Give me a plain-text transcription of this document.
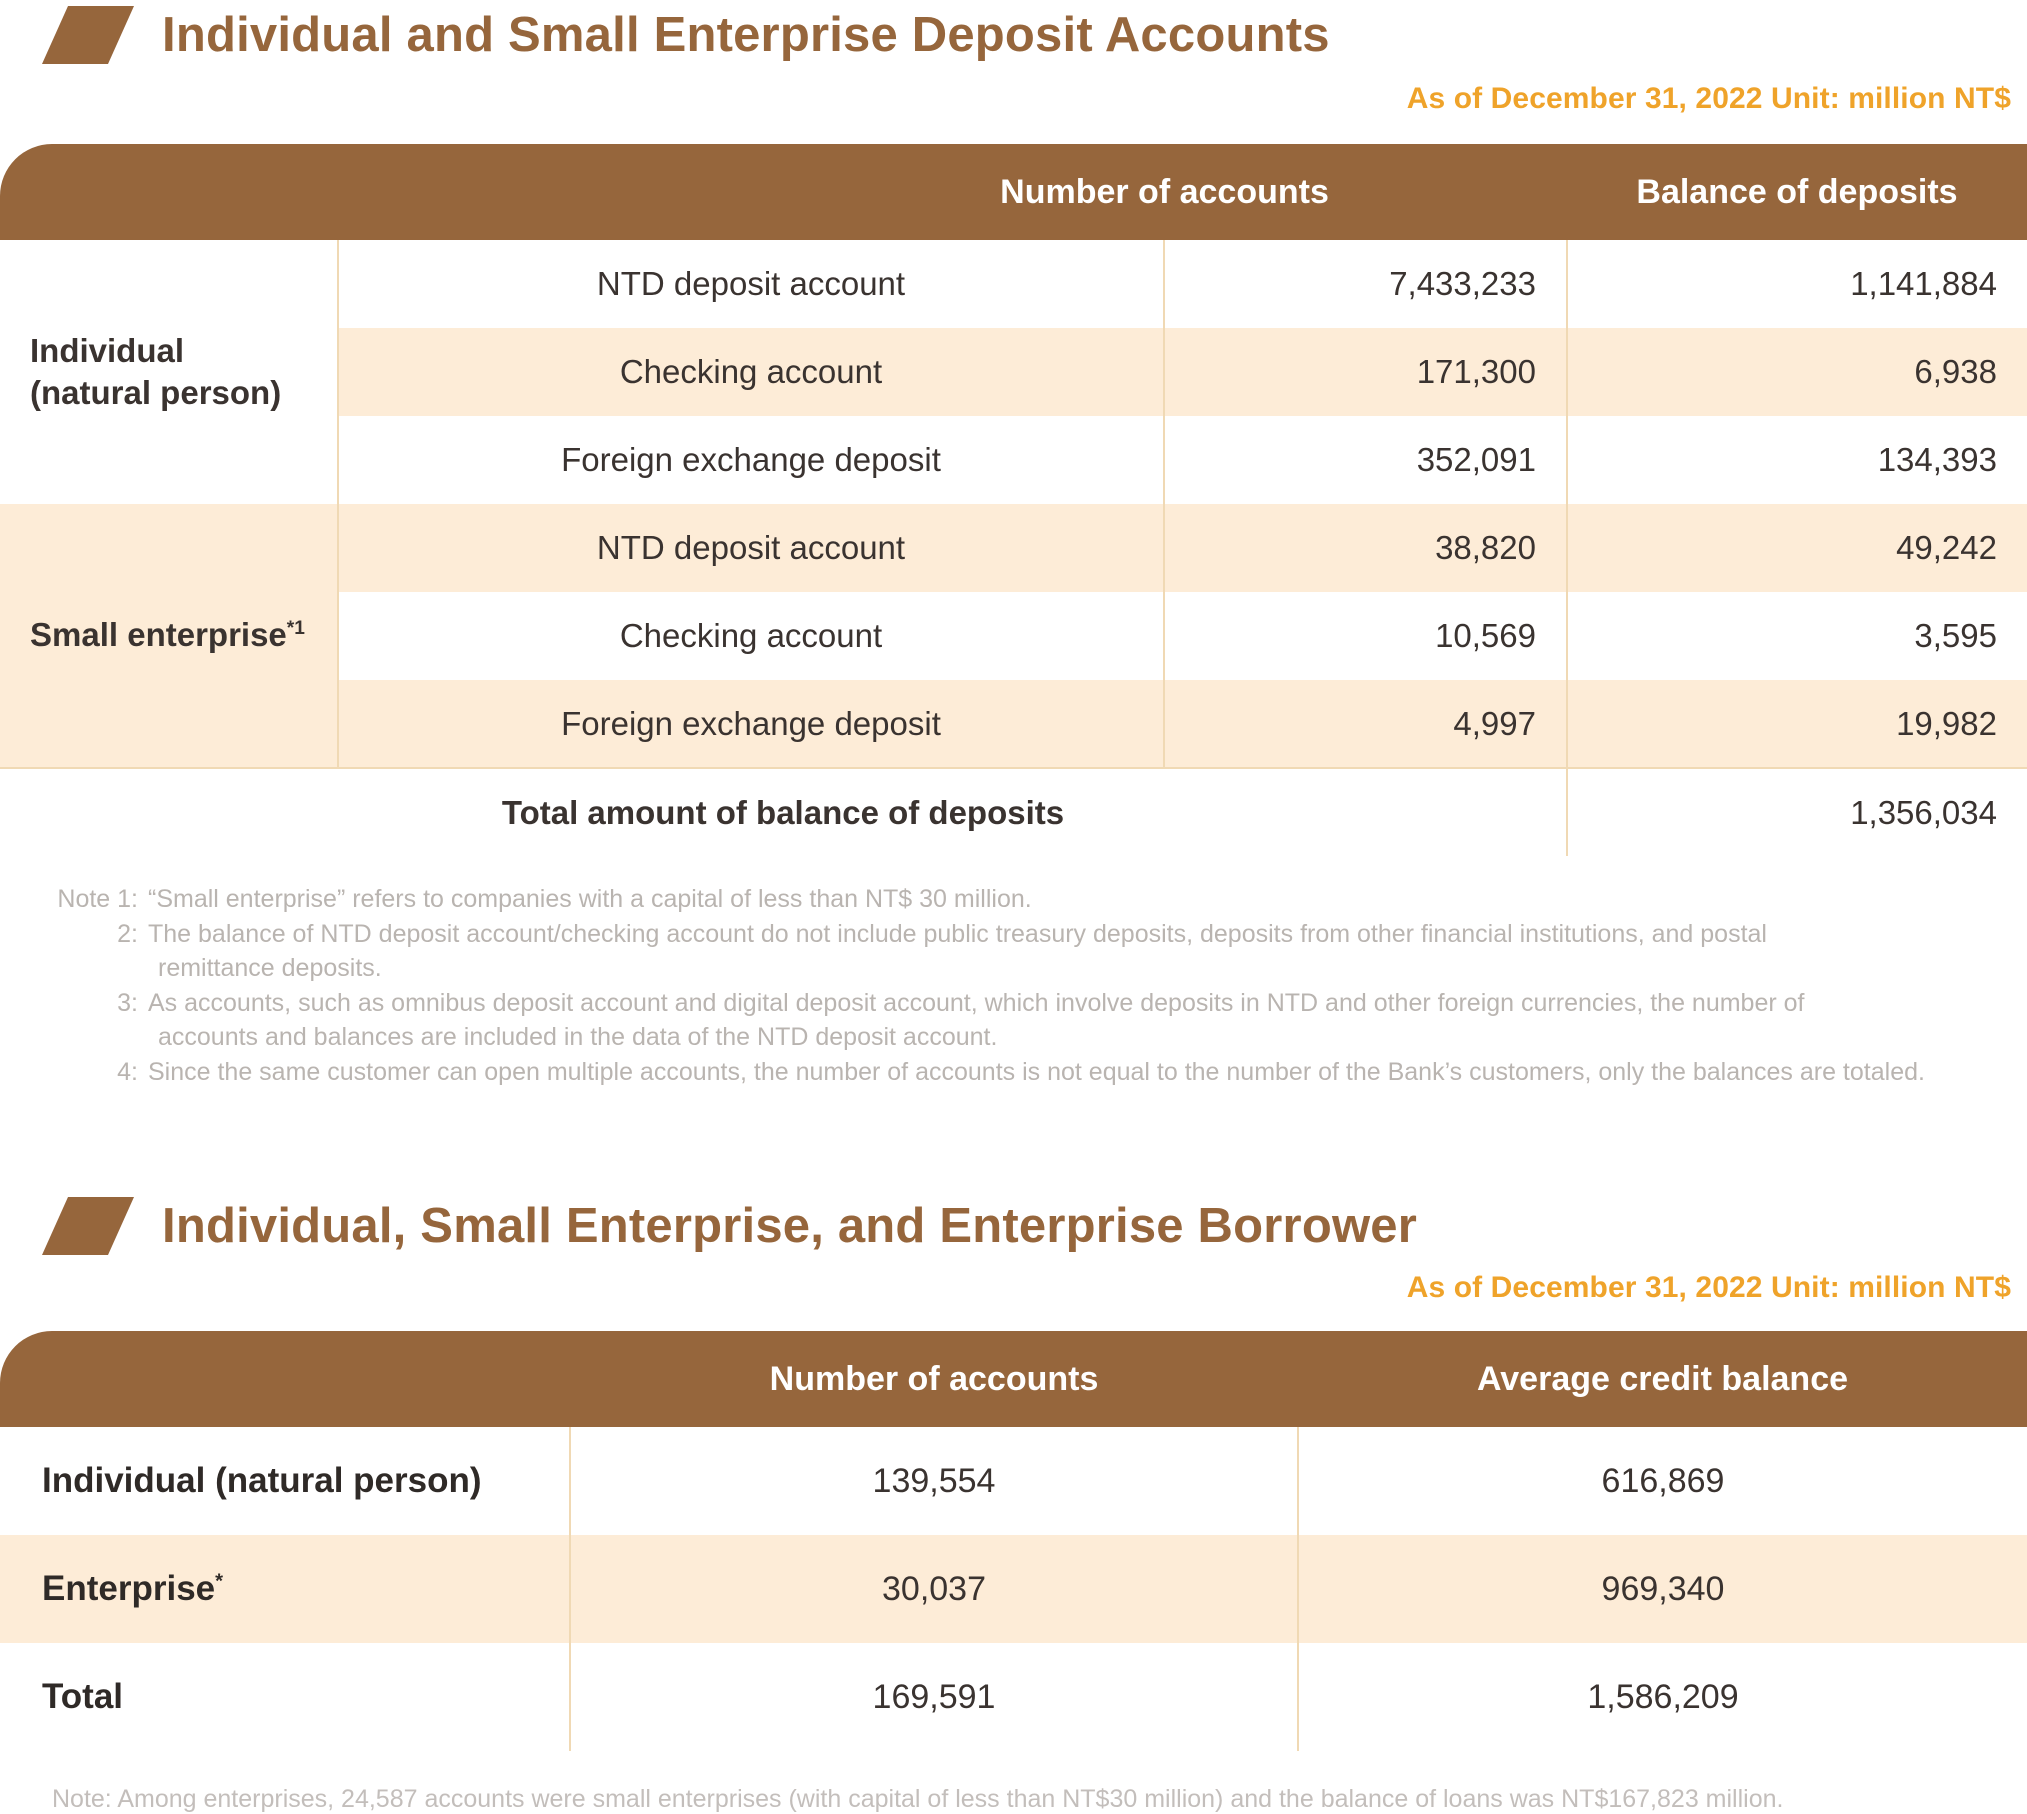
Individual and Small Enterprise Deposit Accounts
As of December 31, 2022 Unit: million NT$
		Number of accounts		Balance of deposits
Individual
(natural person)	NTD deposit account		7,433,233	1,141,884
	Checking account		171,300	6,938
	Foreign exchange deposit		352,091	134,393
Small enterprise$^{*1}$	NTD deposit account		38,820	49,242
	Checking account		10,569	3,595
	Foreign exchange deposit		4,997	19,982
Total amount of balance of deposits				1,356,034
Note 1: “Small enterprise” refers to companies with a capital of less than NT$ 30 million.
2: The balance of NTD deposit account/checking account do not include public treasury deposits, deposits from other financial institutions, and postal
remittance deposits.
3: As accounts, such as omnibus deposit account and digital deposit account, which involve deposits in NTD and other foreign currencies, the number of
accounts and balances are included in the data of the NTD deposit account.
4: Since the same customer can open multiple accounts, the number of accounts is not equal to the number of the Bank’s customers, only the balances are totaled.
Individual, Small Enterprise, and Enterprise Borrower
As of December 31, 2022 Unit: million NT$
	Number of accounts	Average credit balance
Individual (natural person)	139,554	616,869
Enterprise*	30,037	969,340
Total	169,591	1,586,209
Note: Among enterprises, 24,587 accounts were small enterprises (with capital of less than NT$30 million) and the balance of loans was NT$167,823 million.
